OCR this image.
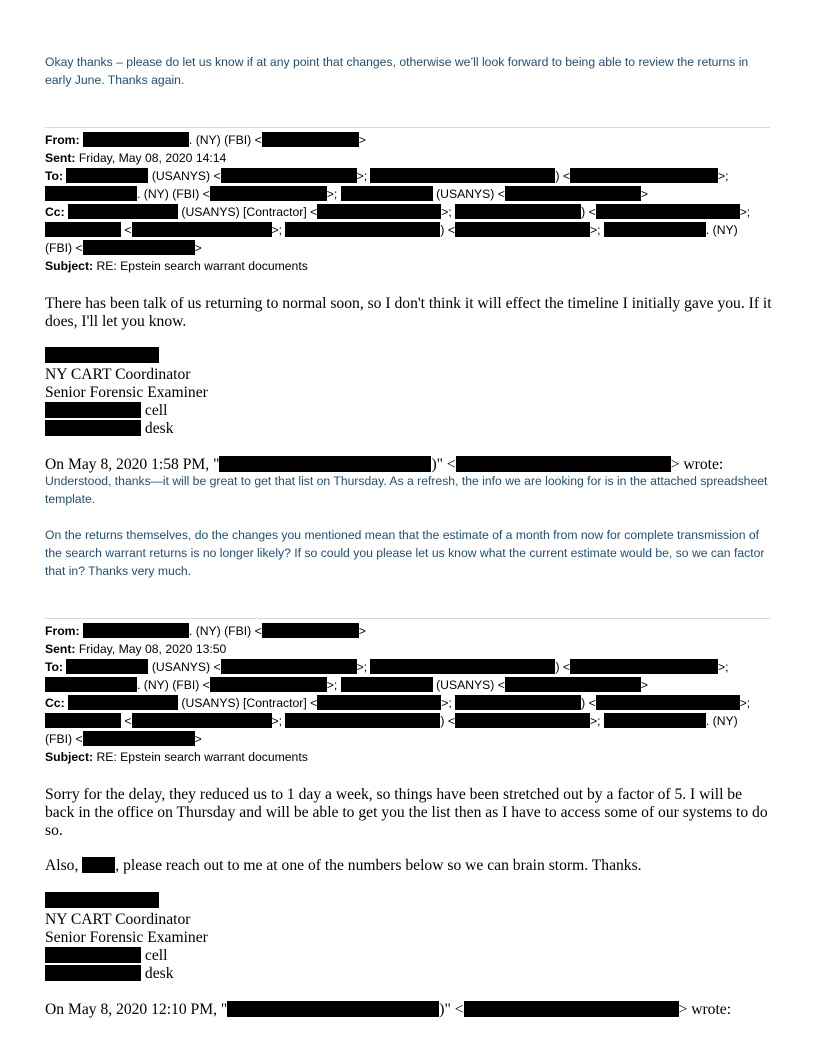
Okay thanks – please do let us know if at any point that changes, otherwise we’ll look forward to being able to review the returns in early June. Thanks again.
From:	. (NY) (FBI) <	>
Sent: Friday, May 08, 2020 14:14
To:	(USANYS) <	>;	) <	>;
. (NY) (FBI) <	>;	(USANYS) <	>
Cc:	(USANYS) [Contractor] <	>;	) <	>;
<	>;	) <	>;	. (NY)
(FBI) <	>
Subject: RE: Epstein search warrant documents
There has been talk of us returning to normal soon, so I don't think it will effect the timeline I initially gave you. If it does, I'll let you know.
NY CART Coordinator
Senior Forensic Examiner
cell
desk
On May 8, 2020 1:58 PM, "	)" <	> wrote:
Understood, thanks—it will be great to get that list on Thursday. As a refresh, the info we are looking for is in the attached spreadsheet template.
On the returns themselves, do the changes you mentioned mean that the estimate of a month from now for complete transmission of the search warrant returns is no longer likely? If so could you please let us know what the current estimate would be, so we can factor that in? Thanks very much.
From:	. (NY) (FBI) <	>
Sent: Friday, May 08, 2020 13:50
To:	(USANYS) <	>;	) <	>;
. (NY) (FBI) <	>;	(USANYS) <	>
Cc:	(USANYS) [Contractor] <	>;	) <	>;
<	>;	) <	>;	. (NY)
(FBI) <	>
Subject: RE: Epstein search warrant documents
Sorry for the delay, they reduced us to 1 day a week, so things have been stretched out by a factor of 5. I will be back in the office on Thursday and will be able to get you the list then as I have to access some of our systems to do so.
Also, , please reach out to me at one of the numbers below so we can brain storm. Thanks.
NY CART Coordinator
Senior Forensic Examiner
cell
desk
On May 8, 2020 12:10 PM, "	)" <	> wrote:
